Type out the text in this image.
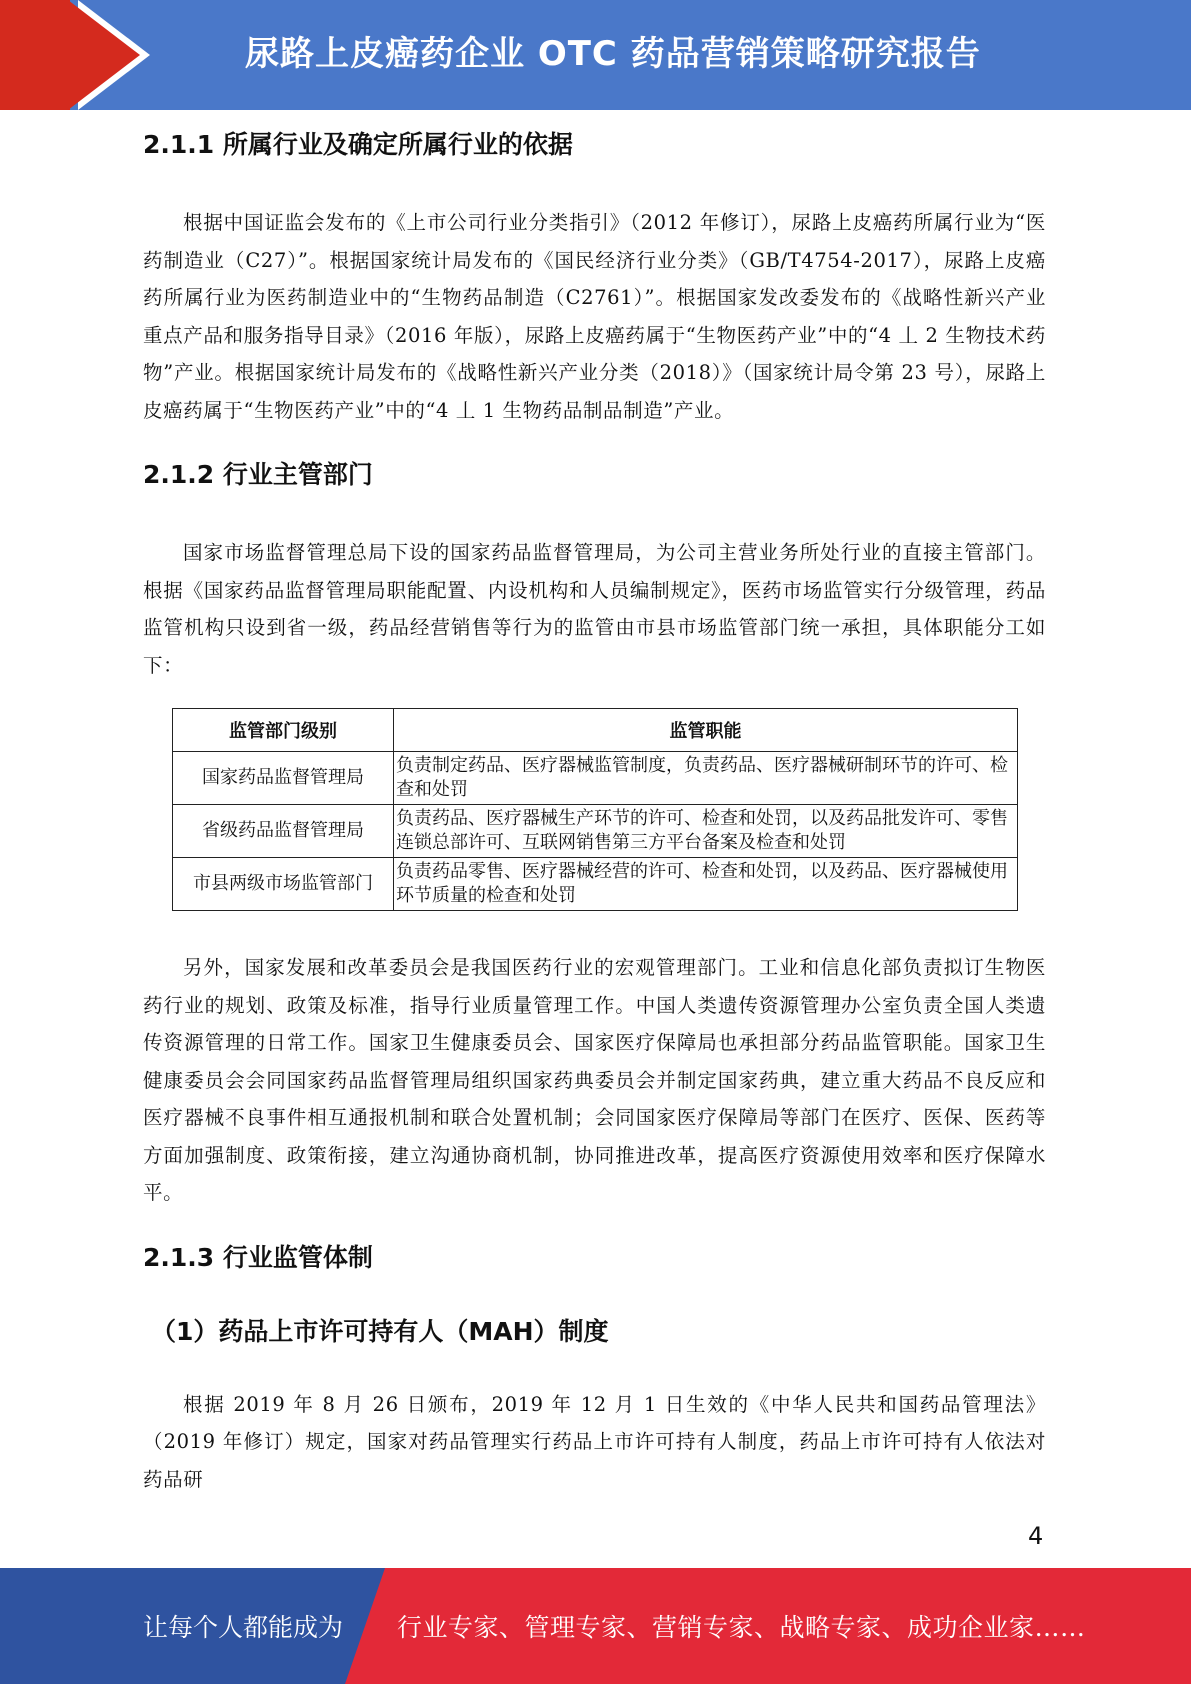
尿路上皮癌药企业 OTC 药品营销策略研究报告
2.1.1 所属行业及确定所属行业的依据

根据中国证监会发布的《上市公司行业分类指引》（2012 年修订），尿路上皮癌药所属行业为“医药制造业（C27）”。根据国家统计局发布的《国民经济行业分类》（GB/T4754-2017），尿路上皮癌药所属行业为医药制造业中的“生物药品制造（C2761）”。根据国家发改委发布的《战略性新兴产业重点产品和服务指导目录》（2016 年版），尿路上皮癌药属于“生物医药产业”中的“4 丄 2 生物技术药物”产业。根据国家统计局发布的《战略性新兴产业分类（2018）》（国家统计局令第 23 号），尿路上皮癌药属于“生物医药产业”中的“4 丄 1 生物药品制品制造”产业。

2.1.2 行业主管部门

国家市场监督管理总局下设的国家药品监督管理局，为公司主营业务所处行业的直接主管部门。根据《国家药品监督管理局职能配置、内设机构和人员编制规定》，医药市场监管实行分级管理，药品监管机构只设到省一级，药品经营销售等行为的监管由市县市场监管部门统一承担，具体职能分工如下：

监管部门级别	监管职能
国家药品监督管理局	负责制定药品、医疗器械监管制度，负责药品、医疗器械研制环节的许可、检查和处罚
省级药品监督管理局	负责药品、医疗器械生产环节的许可、检查和处罚，以及药品批发许可、零售连锁总部许可、互联网销售第三方平台备案及检查和处罚
市县两级市场监管部门	负责药品零售、医疗器械经营的许可、检查和处罚，以及药品、医疗器械使用环节质量的检查和处罚

另外，国家发展和改革委员会是我国医药行业的宏观管理部门。工业和信息化部负责拟订生物医药行业的规划、政策及标准，指导行业质量管理工作。中国人类遗传资源管理办公室负责全国人类遗传资源管理的日常工作。国家卫生健康委员会、国家医疗保障局也承担部分药品监管职能。国家卫生健康委员会会同国家药品监督管理局组织国家药典委员会并制定国家药典，建立重大药品不良反应和医疗器械不良事件相互通报机制和联合处置机制；会同国家医疗保障局等部门在医疗、医保、医药等方面加强制度、政策衔接，建立沟通协商机制，协同推进改革，提高医疗资源使用效率和医疗保障水平。

2.1.3 行业监管体制
（1）药品上市许可持有人（MAH）制度

根据 2019 年 8 月 26 日颁布，2019 年 12 月 1 日生效的《中华人民共和国药品管理法》（2019 年修订）规定，国家对药品管理实行药品上市许可持有人制度，药品上市许可持有人依法对药品研

4
让每个人都能成为 行业专家、管理专家、营销专家、战略专家、成功企业家……
